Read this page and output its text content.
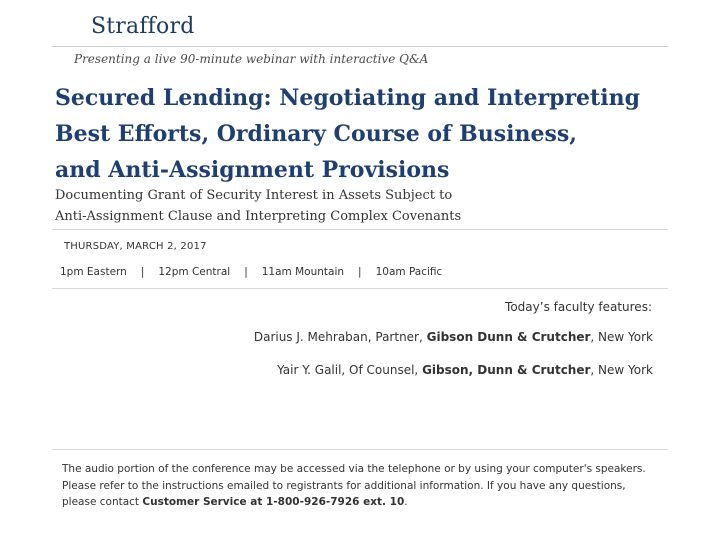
Strafford
Presenting a live 90-minute webinar with interactive Q&A
Secured Lending: Negotiating and Interpreting
Best Efforts, Ordinary Course of Business,
and Anti-Assignment Provisions
Documenting Grant of Security Interest in Assets Subject to
Anti-Assignment Clause and Interpreting Complex Covenants
THURSDAY, MARCH 2, 2017
1pm Eastern | 12pm Central | 11am Mountain | 10am Pacific
Today’s faculty features:
Darius J. Mehraban, Partner, Gibson Dunn & Crutcher, New York
Yair Y. Galil, Of Counsel, Gibson, Dunn & Crutcher, New York
The audio portion of the conference may be accessed via the telephone or by using your computer's speakers. Please refer to the instructions emailed to registrants for additional information. If you have any questions, please contact Customer Service at 1-800-926-7926 ext. 10.
